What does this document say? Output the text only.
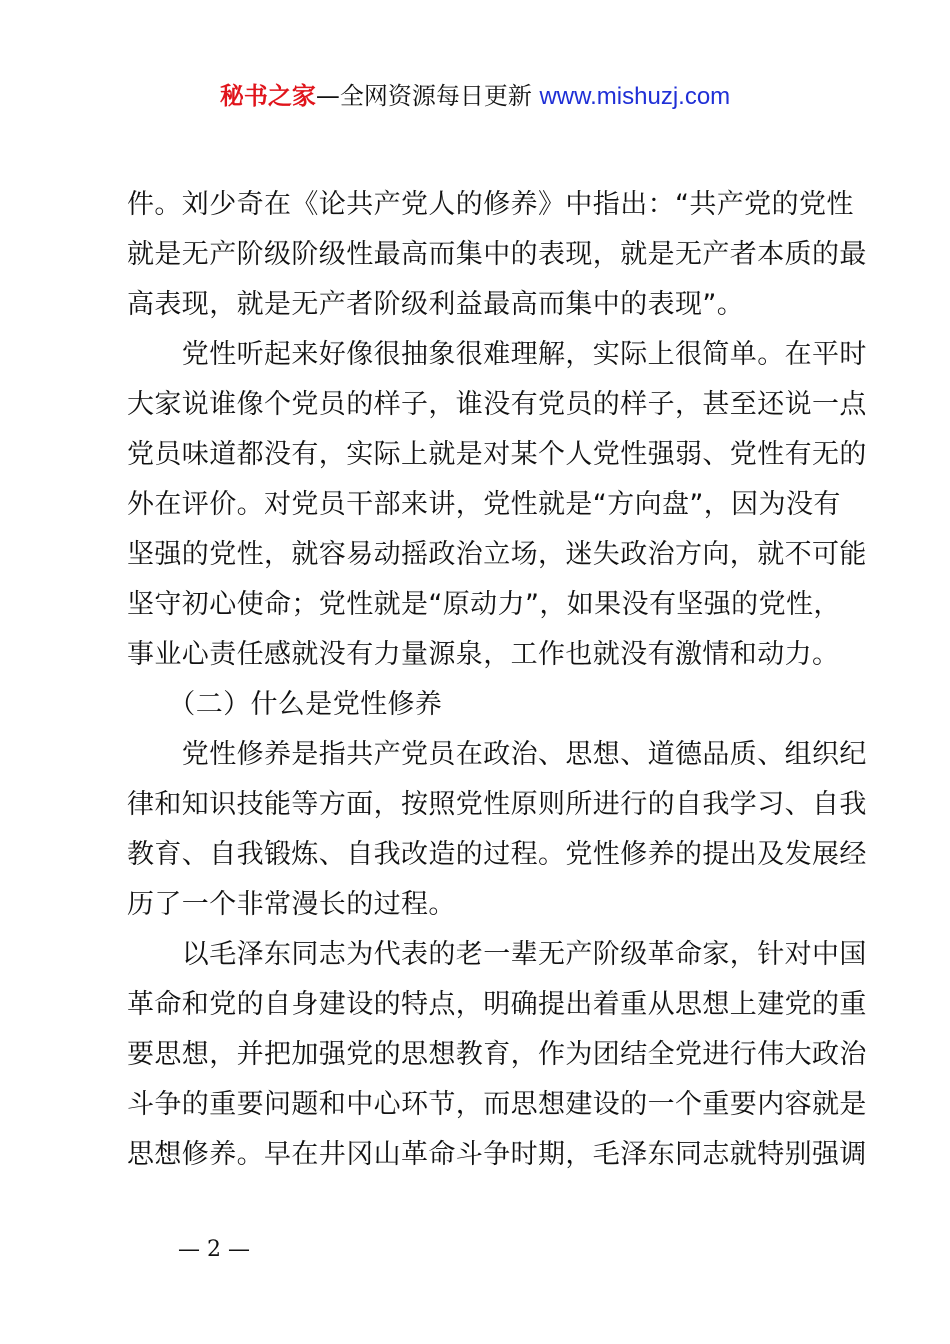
秘书之家—全网资源每日更新 www.mishuzj.com
件。刘少奇在《论共产党人的修养》中指出：“共产党的党性
就是无产阶级阶级性最高而集中的表现，就是无产者本质的最
高表现，就是无产者阶级利益最高而集中的表现”。
　　党性听起来好像很抽象很难理解，实际上很简单。在平时
大家说谁像个党员的样子，谁没有党员的样子，甚至还说一点
党员味道都没有，实际上就是对某个人党性强弱、党性有无的
外在评价。对党员干部来讲，党性就是“方向盘”，因为没有
坚强的党性，就容易动摇政治立场，迷失政治方向，就不可能
坚守初心使命；党性就是“原动力”，如果没有坚强的党性，
事业心责任感就没有力量源泉，工作也就没有激情和动力。
　　（二）什么是党性修养
　　党性修养是指共产党员在政治、思想、道德品质、组织纪
律和知识技能等方面，按照党性原则所进行的自我学习、自我
教育、自我锻炼、自我改造的过程。党性修养的提出及发展经
历了一个非常漫长的过程。
　　以毛泽东同志为代表的老一辈无产阶级革命家，针对中国
革命和党的自身建设的特点，明确提出着重从思想上建党的重
要思想，并把加强党的思想教育，作为团结全党进行伟大政治
斗争的重要问题和中心环节，而思想建设的一个重要内容就是
思想修养。早在井冈山革命斗争时期，毛泽东同志就特别强调
— 2 —
